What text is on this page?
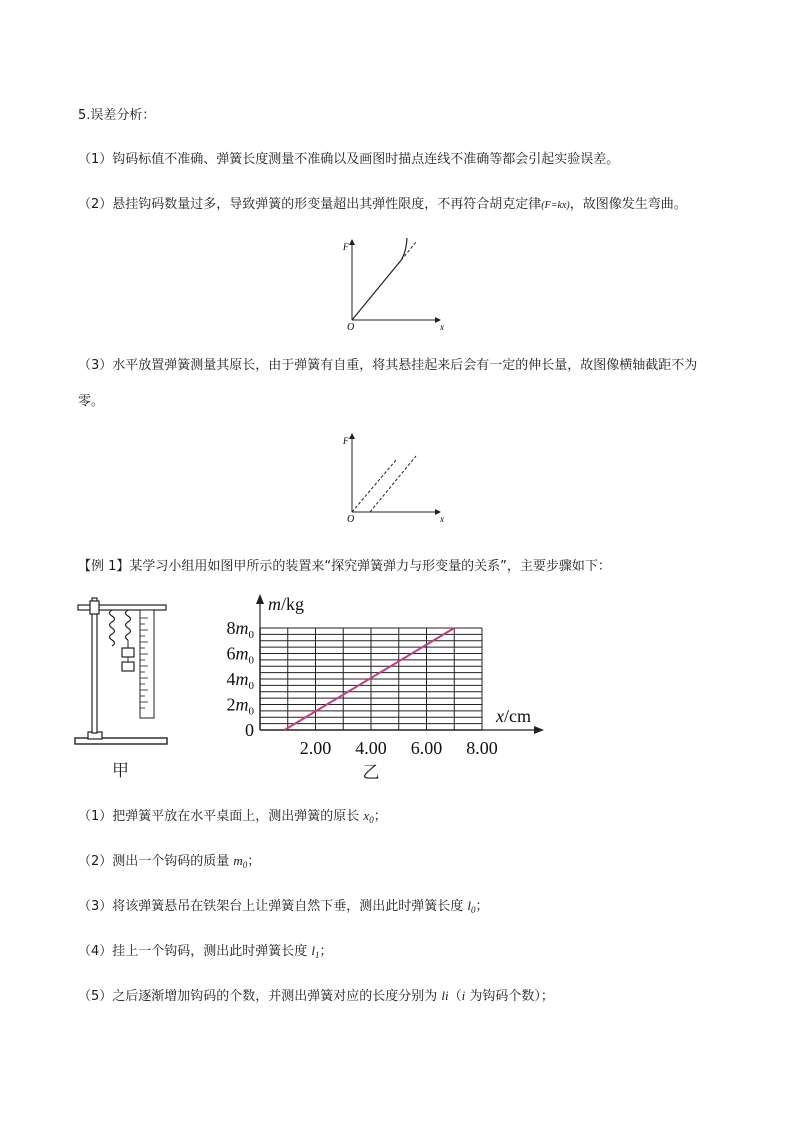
5.误差分析：
（1）钩码标值不准确、弹簧长度测量不准确以及画图时描点连线不准确等都会引起实验误差。
（2）悬挂钩码数量过多，导致弹簧的形变量超出其弹性限度，不再符合胡克定律(F=kx)，故图像发生弯曲。
F
O	x
（3）水平放置弹簧测量其原长，由于弹簧有自重，将其悬挂起来后会有一定的伸长量，故图像横轴截距不为零。
F
O	x
【例 1】某学习小组用如图甲所示的装置来“探究弹簧弹力与形变量的关系”，主要步骤如下：
甲
0
$2m_0$
$4m_0$
$6m_0$
$8m_0$
2.00 4.00 6.00 8.00
m/kg
x/cm
乙
（1）把弹簧平放在水平桌面上，测出弹簧的原长 $x_0$；
（2）测出一个钩码的质量 $m_0$；
（3）将该弹簧悬吊在铁架台上让弹簧自然下垂，测出此时弹簧长度 $l_0$；
（4）挂上一个钩码，测出此时弹簧长度 $l_1$；
（5）之后逐渐增加钩码的个数，并测出弹簧对应的长度分别为 li（i 为钩码个数）；
